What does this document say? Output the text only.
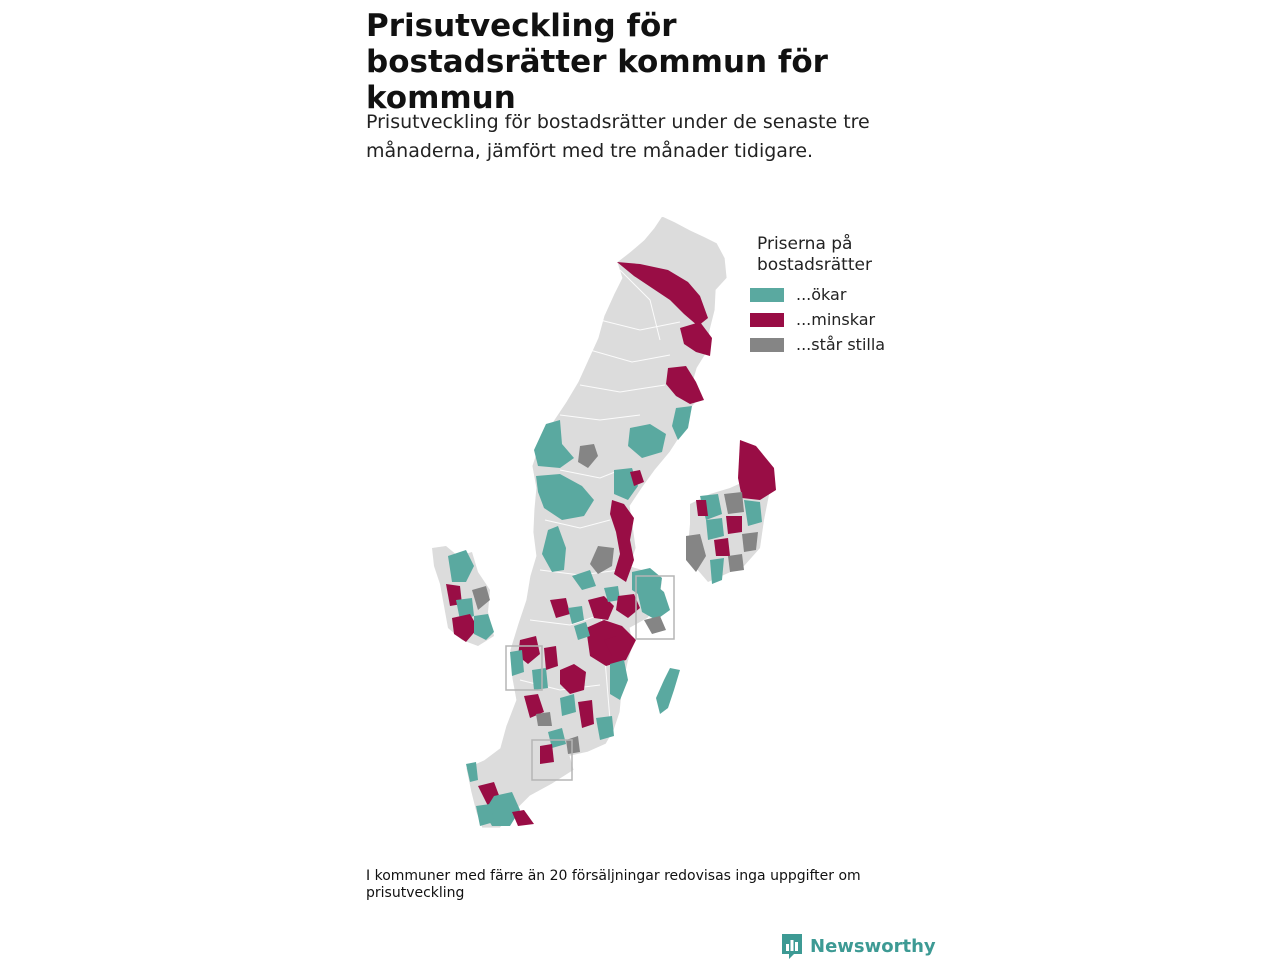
Prisutveckling för bostadsrätter kommun för kommun

Prisutveckling för bostadsrätter under de senaste tre månaderna, jämfört med tre månader tidigare.

Priserna på bostadsrätter
...ökar
...minskar
...står stilla

I kommuner med färre än 20 försäljningar redovisas inga uppgifter om prisutveckling

Newsworthy
